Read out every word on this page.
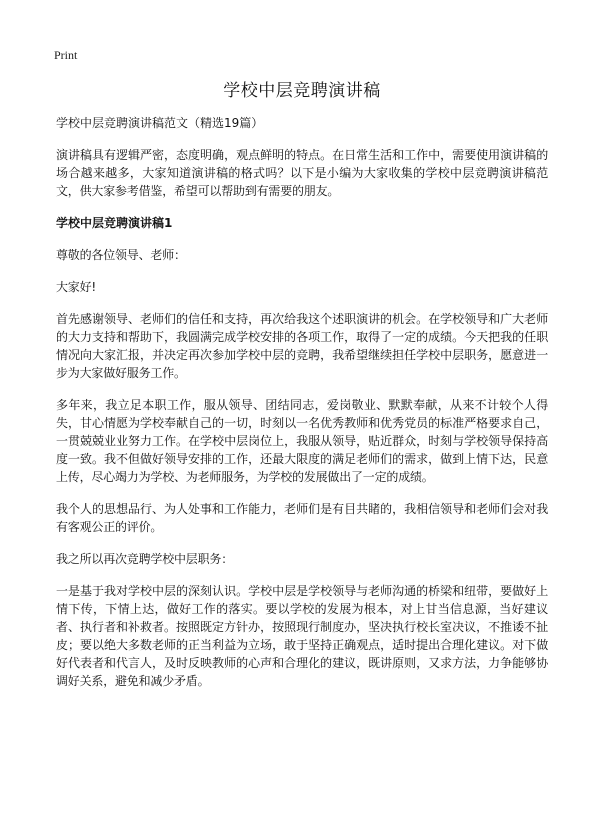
Print
学校中层竞聘演讲稿
学校中层竞聘演讲稿范文（精选19篇）

演讲稿具有逻辑严密，态度明确，观点鲜明的特点。在日常生活和工作中，需要使用演讲稿的场合越来越多，大家知道演讲稿的格式吗？以下是小编为大家收集的学校中层竞聘演讲稿范文，供大家参考借鉴，希望可以帮助到有需要的朋友。

学校中层竞聘演讲稿1

尊敬的各位领导、老师：

大家好!

首先感谢领导、老师们的信任和支持，再次给我这个述职演讲的机会。在学校领导和广大老师的大力支持和帮助下，我圆满完成学校安排的各项工作，取得了一定的成绩。今天把我的任职情况向大家汇报，并决定再次参加学校中层的竞聘，我希望继续担任学校中层职务，愿意进一步为大家做好服务工作。

多年来，我立足本职工作，服从领导、团结同志，爱岗敬业、默默奉献，从来不计较个人得失，甘心情愿为学校奉献自己的一切，时刻以一名优秀教师和优秀党员的标准严格要求自己，一贯兢兢业业努力工作。在学校中层岗位上，我服从领导，贴近群众，时刻与学校领导保持高度一致。我不但做好领导安排的工作，还最大限度的满足老师们的需求，做到上情下达，民意上传，尽心竭力为学校、为老师服务，为学校的发展做出了一定的成绩。

我个人的思想品行、为人处事和工作能力，老师们是有目共睹的，我相信领导和老师们会对我有客观公正的评价。

我之所以再次竞聘学校中层职务：

一是基于我对学校中层的深刻认识。学校中层是学校领导与老师沟通的桥梁和纽带，要做好上情下传，下情上达，做好工作的落实。要以学校的发展为根本，对上甘当信息源，当好建议者、执行者和补救者。按照既定方针办，按照现行制度办，坚决执行校长室决议，不推诿不扯皮；要以绝大多数老师的正当利益为立场，敢于坚持正确观点，适时提出合理化建议。对下做好代表者和代言人，及时反映教师的心声和合理化的建议，既讲原则，又求方法，力争能够协调好关系，避免和减少矛盾。
